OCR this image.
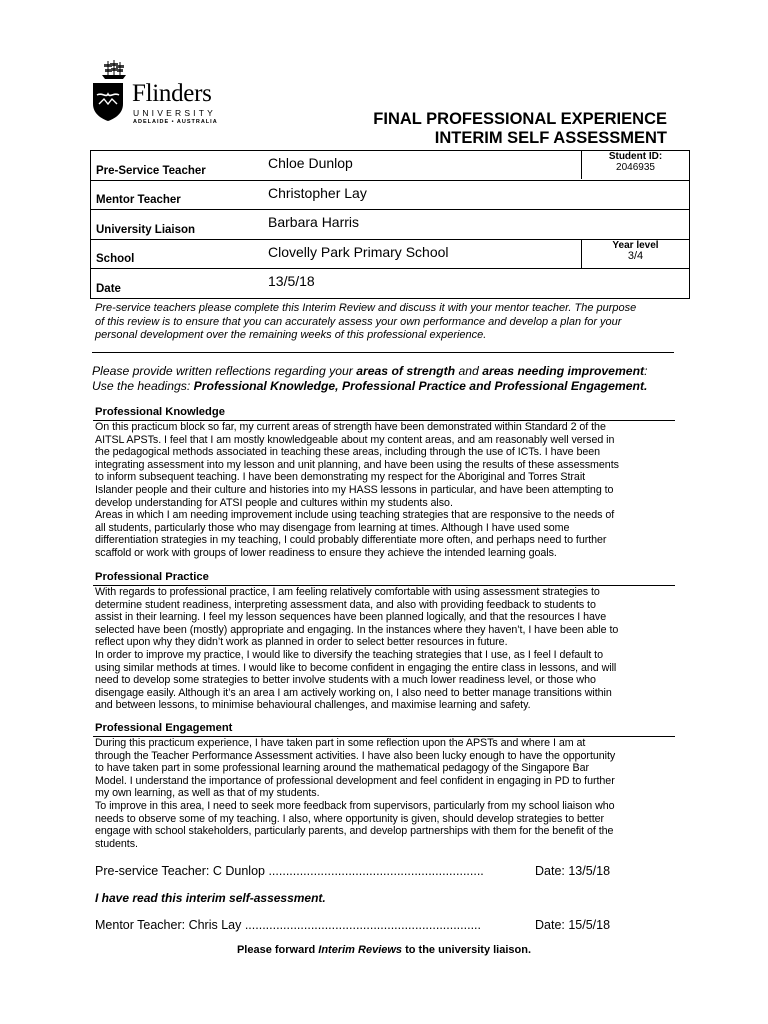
Flinders
UNIVERSITY
ADELAIDE • AUSTRALIA	FINAL PROFESSIONAL EXPERIENCE
INTERIM SELF ASSESSMENT
Pre-Service Teacher	Chloe Dunlop	Student ID:
2046935
Mentor Teacher	Christopher Lay
University Liaison	Barbara Harris
School	Clovelly Park Primary School	Year level
3/4
Date	13/5/18
Pre-service teachers please complete this Interim Review and discuss it with your mentor teacher. The purpose
of this review is to ensure that you can accurately assess your own performance and develop a plan for your
personal development over the remaining weeks of this professional experience.
Please provide written reflections regarding your areas of strength and areas needing improvement:
Use the headings: Professional Knowledge, Professional Practice and Professional Engagement.
Professional Knowledge
On this practicum block so far, my current areas of strength have been demonstrated within Standard 2 of the
AITSL APSTs. I feel that I am mostly knowledgeable about my content areas, and am reasonably well versed in
the pedagogical methods associated in teaching these areas, including through the use of ICTs. I have been
integrating assessment into my lesson and unit planning, and have been using the results of these assessments
to inform subsequent teaching. I have been demonstrating my respect for the Aboriginal and Torres Strait
Islander people and their culture and histories into my HASS lessons in particular, and have been attempting to
develop understanding for ATSI people and cultures within my students also.
Areas in which I am needing improvement include using teaching strategies that are responsive to the needs of
all students, particularly those who may disengage from learning at times. Although I have used some
differentiation strategies in my teaching, I could probably differentiate more often, and perhaps need to further
scaffold or work with groups of lower readiness to ensure they achieve the intended learning goals.
Professional Practice
With regards to professional practice, I am feeling relatively comfortable with using assessment strategies to
determine student readiness, interpreting assessment data, and also with providing feedback to students to
assist in their learning. I feel my lesson sequences have been planned logically, and that the resources I have
selected have been (mostly) appropriate and engaging. In the instances where they haven’t, I have been able to
reflect upon why they didn’t work as planned in order to select better resources in future.
In order to improve my practice, I would like to diversify the teaching strategies that I use, as I feel I default to
using similar methods at times. I would like to become confident in engaging the entire class in lessons, and will
need to develop some strategies to better involve students with a much lower readiness level, or those who
disengage easily. Although it’s an area I am actively working on, I also need to better manage transitions within
and between lessons, to minimise behavioural challenges, and maximise learning and safety.
Professional Engagement
During this practicum experience, I have taken part in some reflection upon the APSTs and where I am at
through the Teacher Performance Assessment activities. I have also been lucky enough to have the opportunity
to have taken part in some professional learning around the mathematical pedagogy of the Singapore Bar
Model. I understand the importance of professional development and feel confident in engaging in PD to further
my own learning, as well as that of my students.
To improve in this area, I need to seek more feedback from supervisors, particularly from my school liaison who
needs to observe some of my teaching. I also, where opportunity is given, should develop strategies to better
engage with school stakeholders, particularly parents, and develop partnerships with them for the benefit of the
students.
Pre-service Teacher: C Dunlop ..............................................................	Date: 13/5/18
I have read this interim self-assessment.
Mentor Teacher: Chris Lay ....................................................................	Date: 15/5/18
Please forward Interim Reviews to the university liaison.
